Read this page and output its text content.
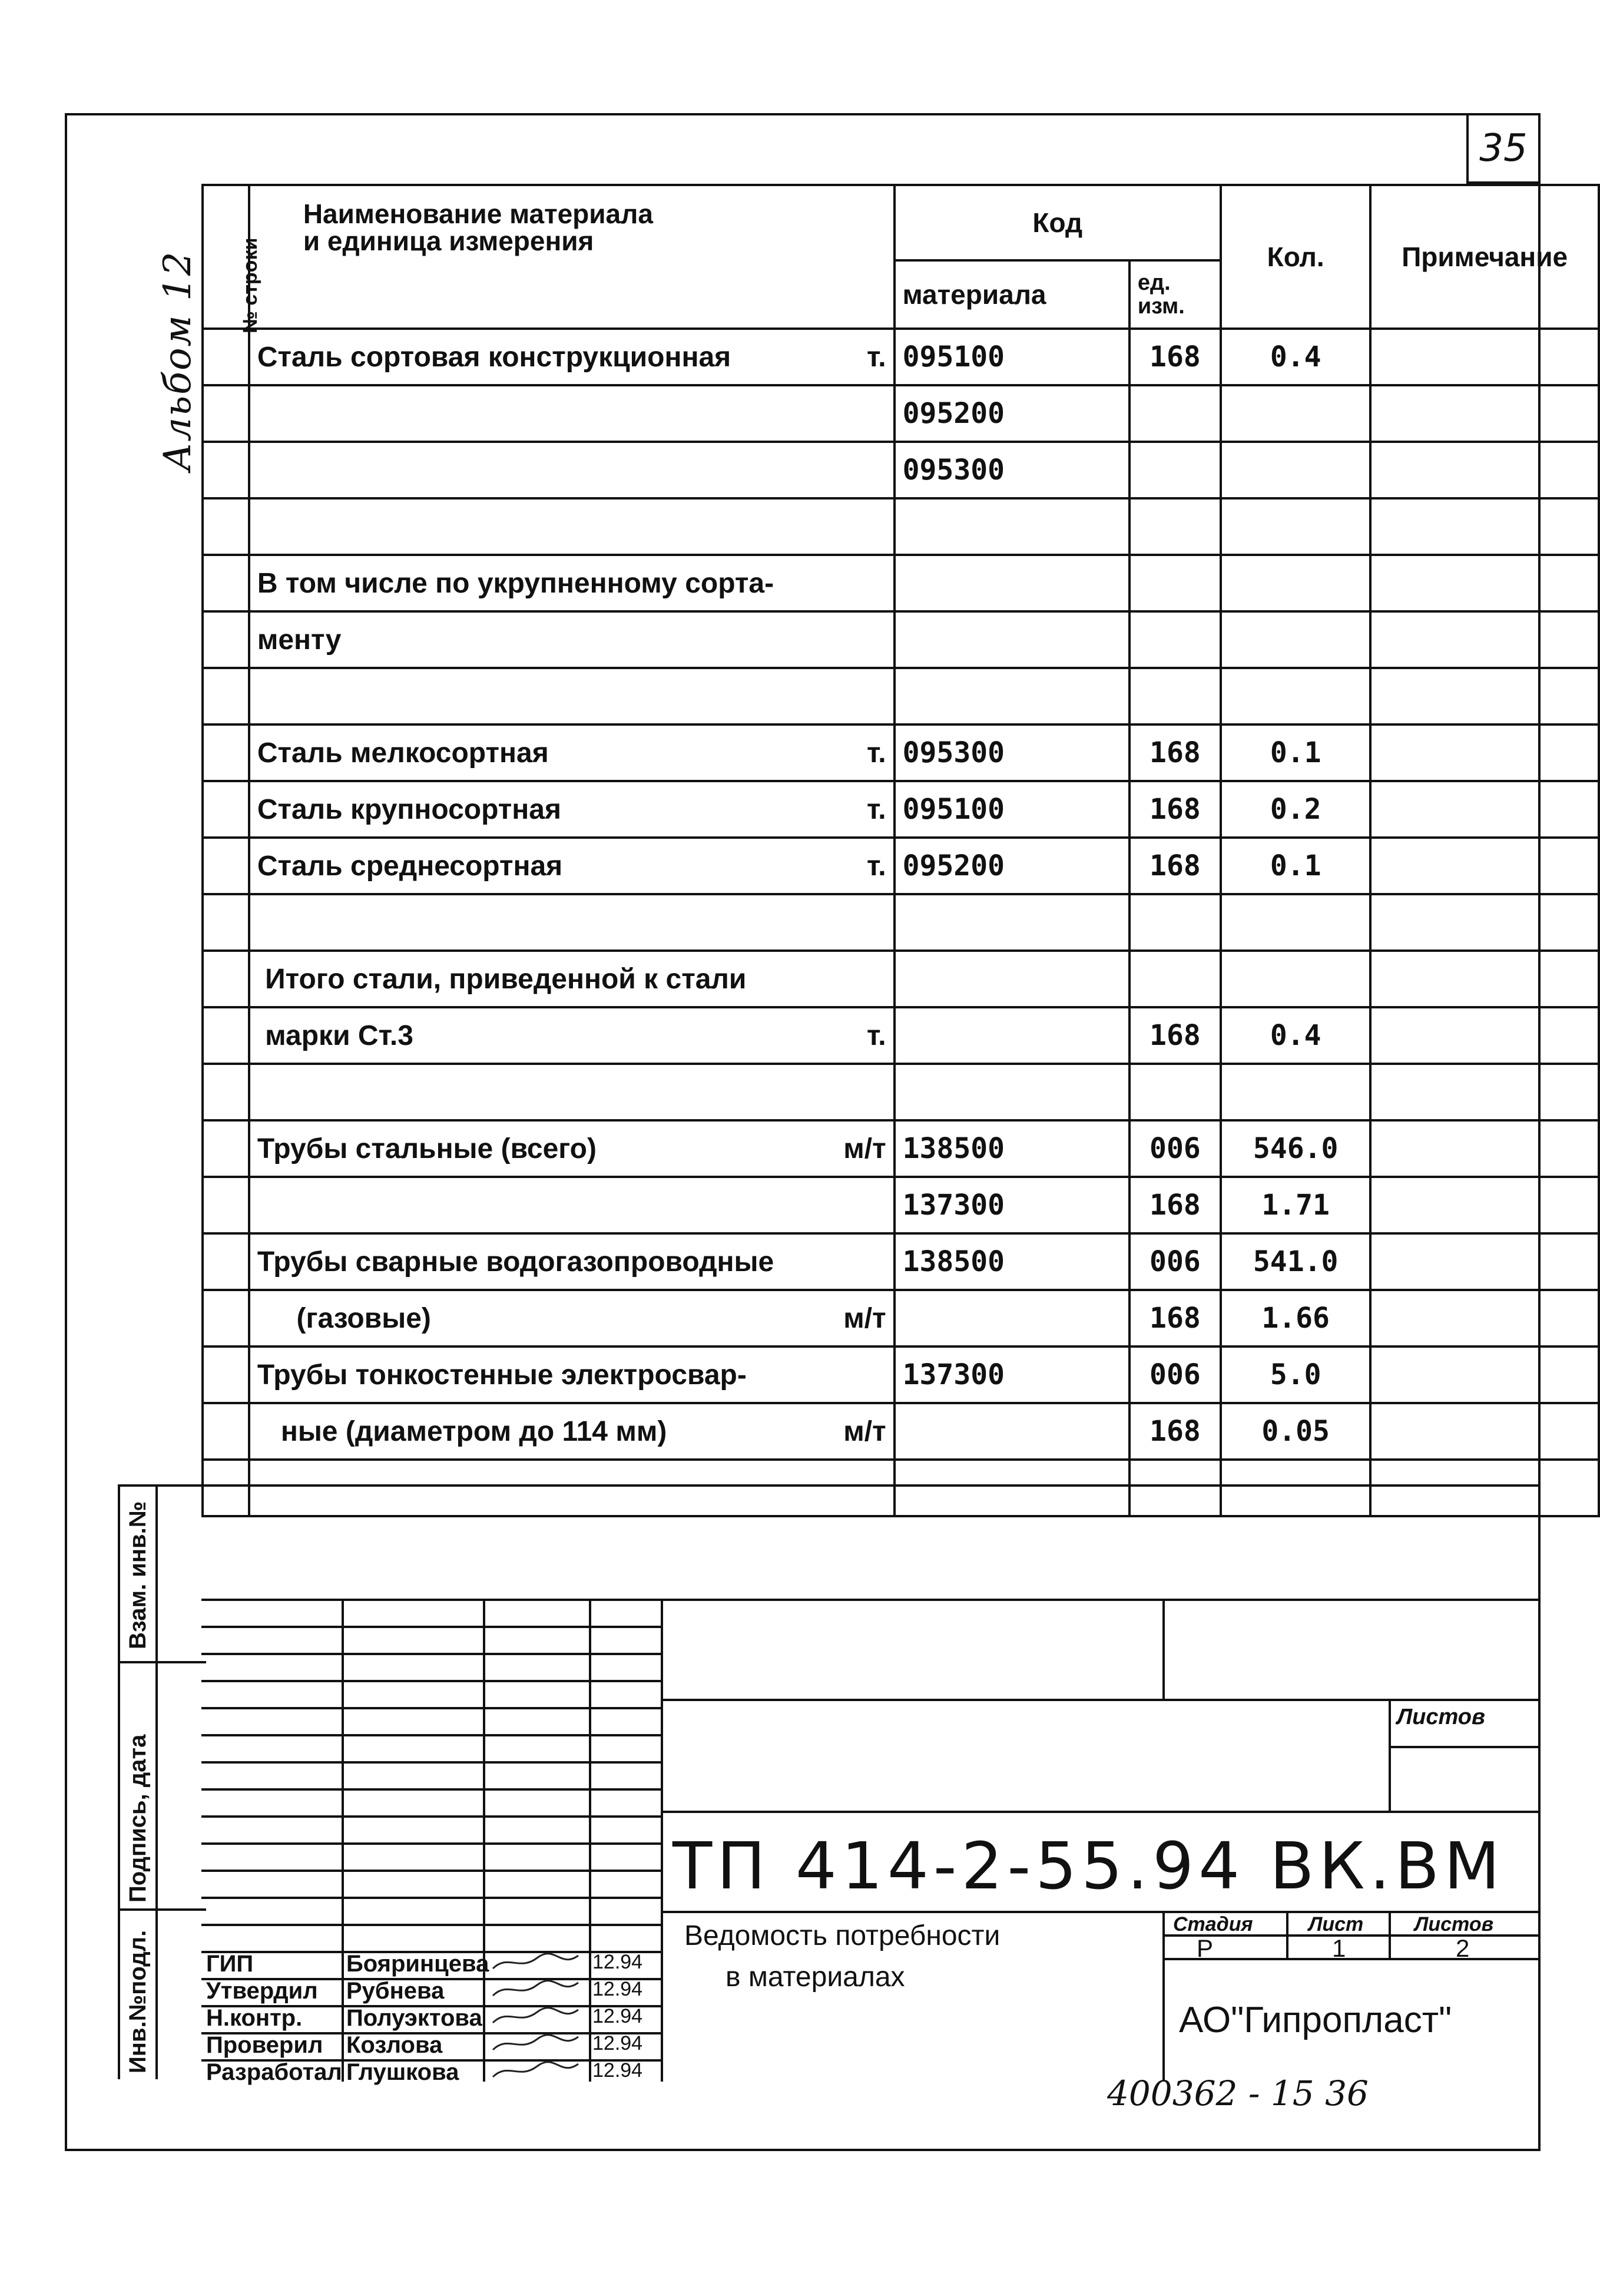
35
Альбом 12 № строки	Наименование материала
и единица измерения	Код		Кол.	Примечание
		материала	ед. изм.		
	Сталь сортовая конструкционная т.	095100	168	0.4	
		095200			
		095300			

	В том числе по укрупненному сорта-				
	менту				

	Сталь мелкосортная т.	095300	168	0.1	
	Сталь крупносортная т.	095100	168	0.2	
	Сталь среднесортная т.	095200	168	0.1	

	Итого стали, приведенной к стали				
	марки Ст.3 т.		168	0.4	

	Трубы стальные (всего) м/т	138500	006	546.0	
		137300	168	1.71	
	Трубы сварные водогазопроводные	138500	006	541.0	
	(газовые) м/т		168	1.66	
	Трубы тонкостенные электросвар-	137300	006	5.0	
	ные (диаметром до 114 мм) м/т		168	0.05	

Взам. инв.№
Подпись, дата
Инв.№подл.
Листов
ТП 414-2-55.94 ВК.ВМ
Ведомость потребности
в материалах
Стадия	Лист	Листов
Р	1	2
АО"Гипропласт"
ГИП	Бояринцева	12.94
Утвердил Рубнева	12.94
Н.контр. Полуэктова	12.94
Проверил Козлова	12.94
Разработал Глушкова	12.94
400362 - 15 36
